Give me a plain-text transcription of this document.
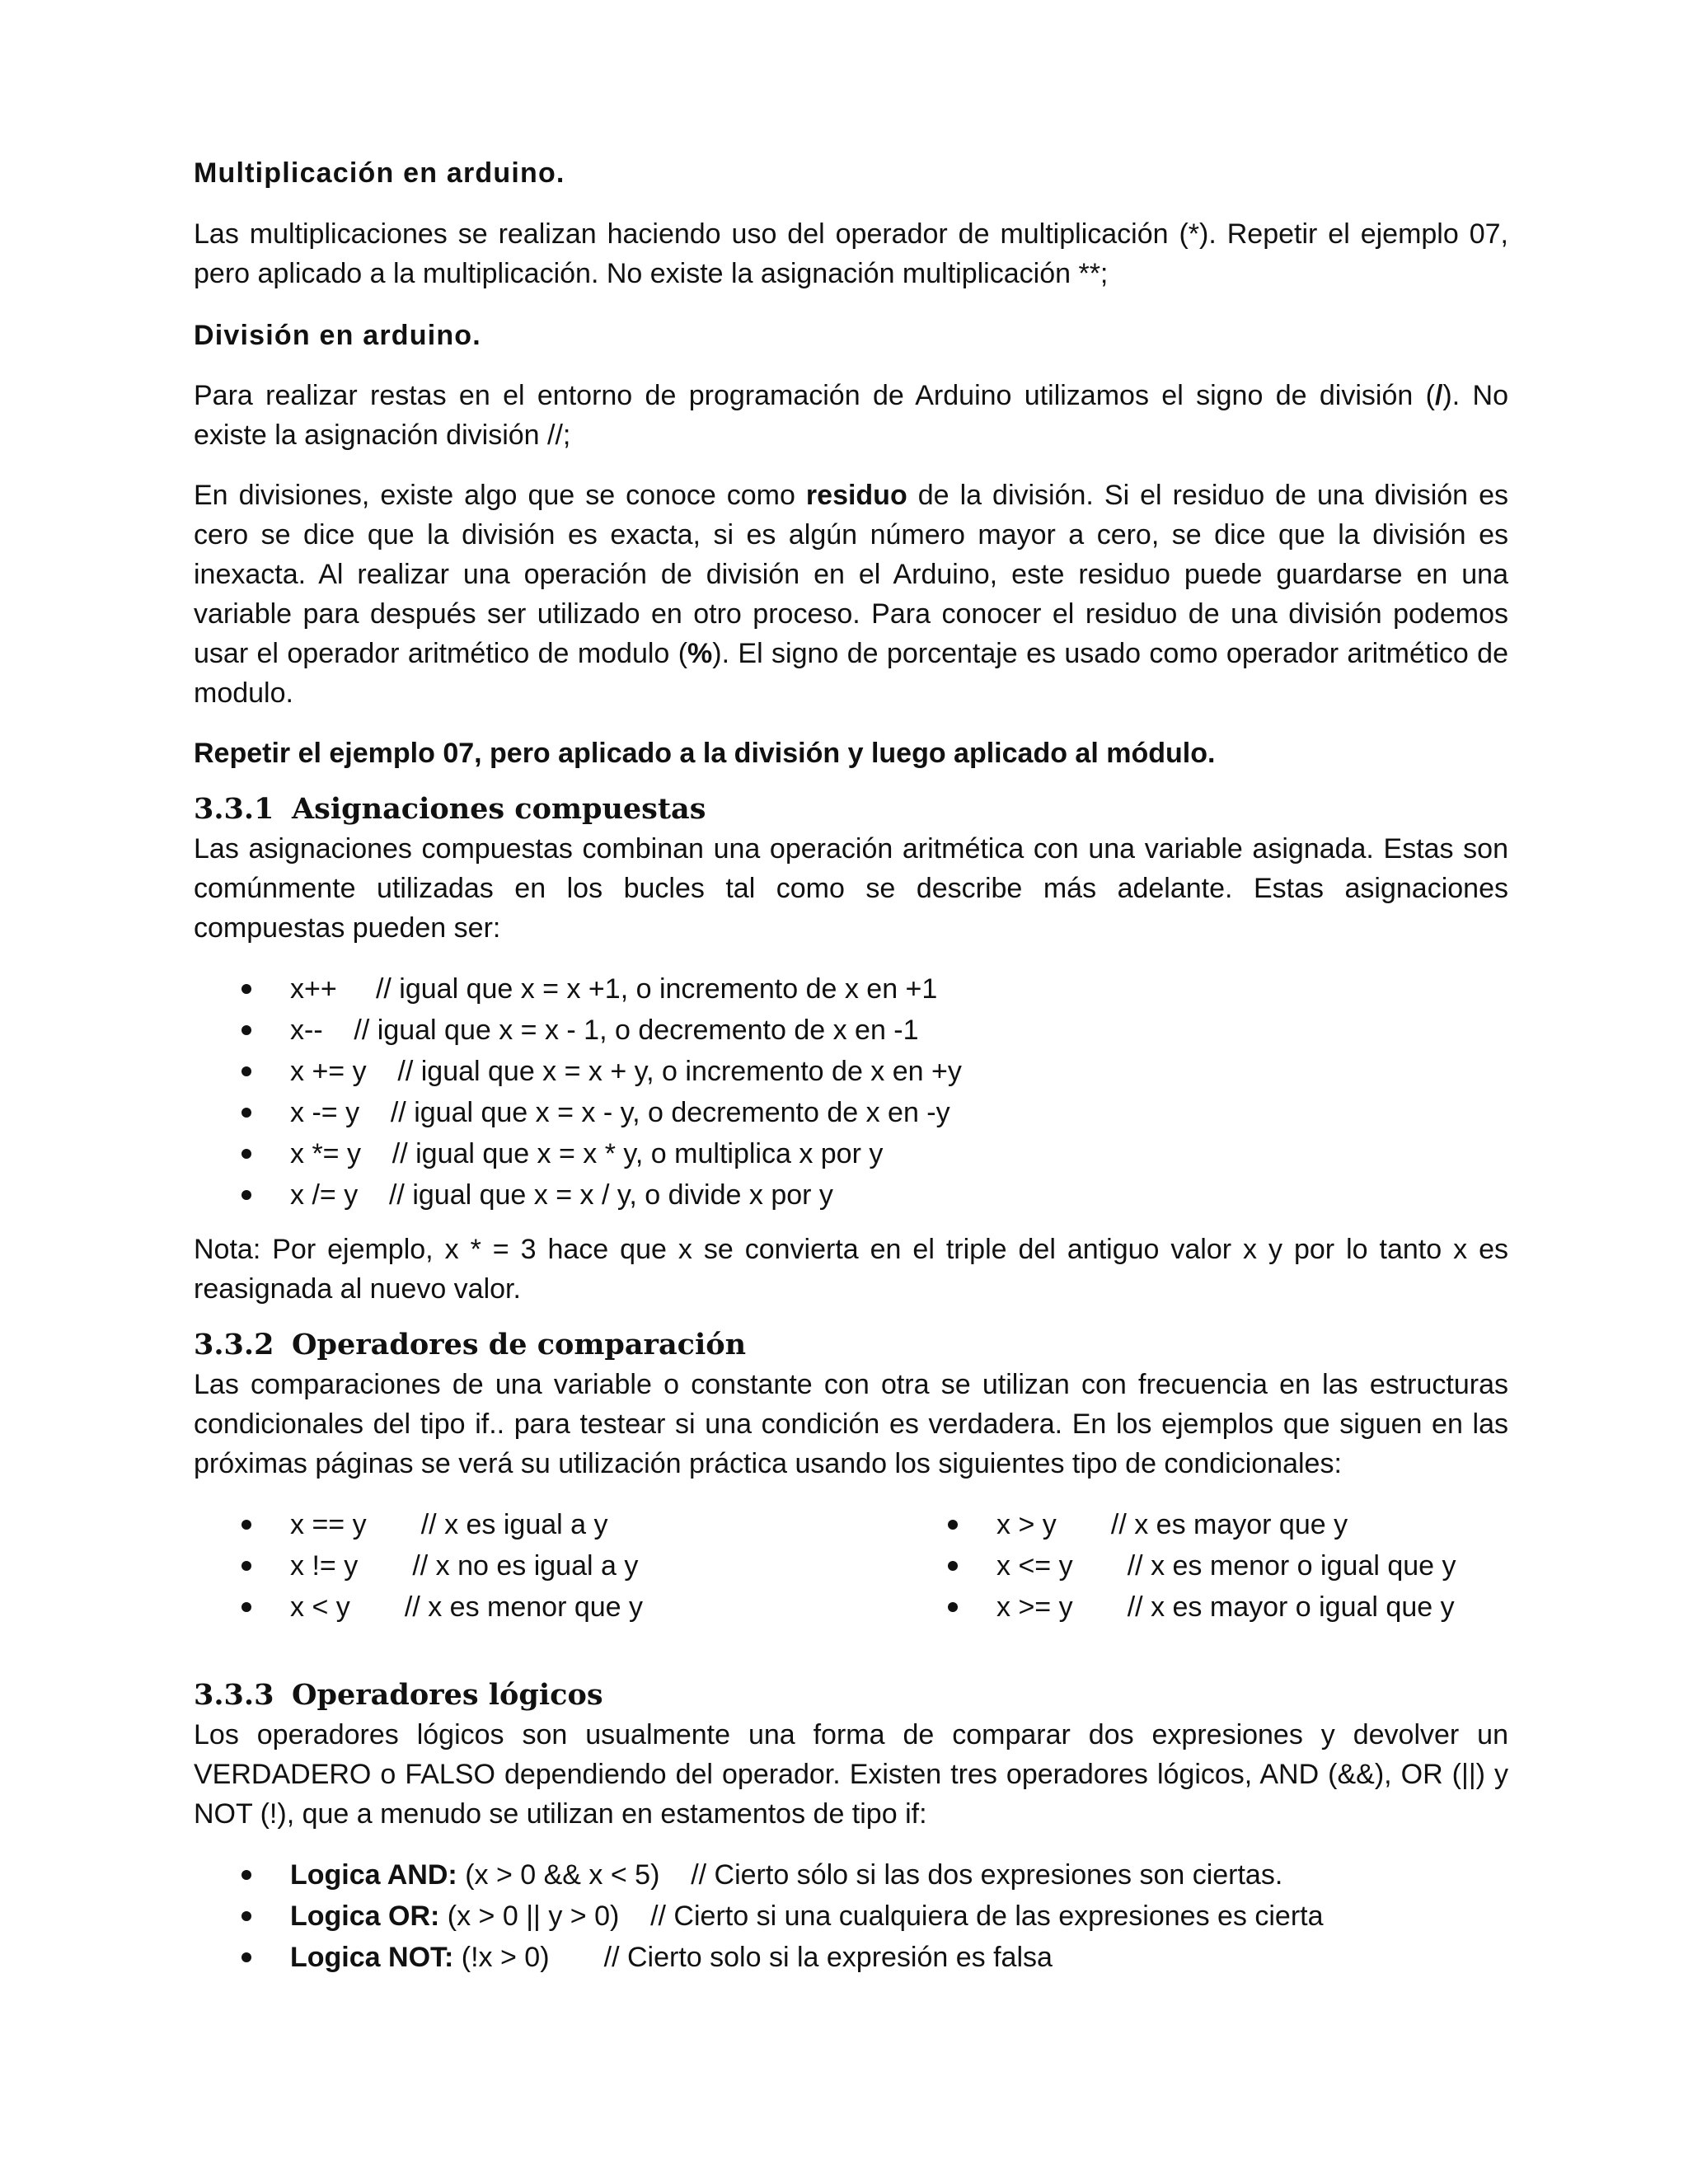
Multiplicación en arduino.

Las multiplicaciones se realizan haciendo uso del operador de multiplicación (*). Repetir el ejemplo 07, pero aplicado a la multiplicación. No existe la asignación multiplicación **;

División en arduino.

Para realizar restas en el entorno de programación de Arduino utilizamos el signo de división (/). No existe la asignación división //;

En divisiones, existe algo que se conoce como residuo de la división. Si el residuo de una división es cero se dice que la división es exacta, si es algún número mayor a cero, se dice que la división es inexacta. Al realizar una operación de división en el Arduino, este residuo puede guardarse en una variable para después ser utilizado en otro proceso. Para conocer el residuo de una división podemos usar el operador aritmético de modulo (%). El signo de porcentaje es usado como operador aritmético de modulo.

Repetir el ejemplo 07, pero aplicado a la división y luego aplicado al módulo.

3.3.1 Asignaciones compuestas

Las asignaciones compuestas combinan una operación aritmética con una variable asignada. Estas son comúnmente utilizadas en los bucles tal como se describe más adelante. Estas asignaciones compuestas pueden ser:

x++     // igual que x = x +1, o incremento de x en +1
x--    // igual que x = x - 1, o decremento de x en -1
x += y    // igual que x = x + y, o incremento de x en +y
x -= y    // igual que x = x - y, o decremento de x en -y
x *= y    // igual que x = x * y, o multiplica x por y
x /= y    // igual que x = x / y, o divide x por y

Nota: Por ejemplo, x * = 3 hace que x se convierta en el triple del antiguo valor x y por lo tanto x es reasignada al nuevo valor.

3.3.2 Operadores de comparación

Las comparaciones de una variable o constante con otra se utilizan con frecuencia en las estructuras condicionales del tipo if.. para testear si una condición es verdadera. En los ejemplos que siguen en las próximas páginas se verá su utilización práctica usando los siguientes tipo de condicionales:

x == y       // x es igual a y
x != y       // x no es igual a y
x < y       // x es menor que y
x > y       // x es mayor que y
x <= y       // x es menor o igual que y
x >= y       // x es mayor o igual que y
3.3.3 Operadores lógicos

Los operadores lógicos son usualmente una forma de comparar dos expresiones y devolver un VERDADERO o FALSO dependiendo del operador. Existen tres operadores lógicos, AND (&&), OR (||) y NOT (!), que a menudo se utilizan en estamentos de tipo if:

Logica AND: (x > 0 && x < 5)    // Cierto sólo si las dos expresiones son ciertas.
Logica OR: (x > 0 || y > 0)    // Cierto si una cualquiera de las expresiones es cierta
Logica NOT: (!x > 0)       // Cierto solo si la expresión es falsa
